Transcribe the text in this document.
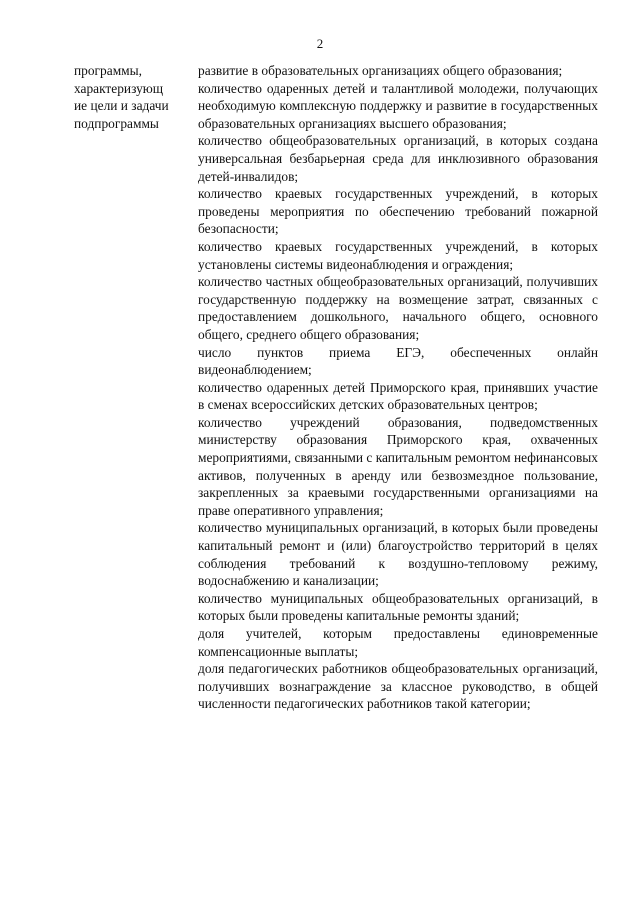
2
программы,
характеризующ
ие цели и задачи
подпрограммы

развитие в образовательных организациях общего образования;

количество одаренных детей и талантливой молодежи, получающих необходимую комплексную поддержку и развитие в государственных образовательных организациях высшего образования;

количество общеобразовательных организаций, в которых создана универсальная безбарьерная среда для инклюзивного образования детей-инвалидов;

количество краевых государственных учреждений, в которых проведены мероприятия по обеспечению требований пожарной безопасности;

количество краевых государственных учреждений, в которых установлены системы видеонаблюдения и ограждения;

количество частных общеобразовательных организаций, получивших государственную поддержку на возмещение затрат, связанных с предоставлением дошкольного, начального общего, основного общего, среднего общего образования;

число пунктов приема ЕГЭ, обеспеченных онлайн видеонаблюдением;

количество одаренных детей Приморского края, принявших участие в сменах всероссийских детских образовательных центров;

количество учреждений образования, подведомственных министерству образования Приморского края, охваченных мероприятиями, связанными с капитальным ремонтом нефинансовых активов, полученных в аренду или безвозмездное пользование, закрепленных за краевыми государственными организациями на праве оперативного управления;

количество муниципальных организаций, в которых были проведены капитальный ремонт и (или) благоустройство территорий в целях соблюдения требований к воздушно-тепловому режиму, водоснабжению и канализации;

количество муниципальных общеобразовательных организаций, в которых были проведены капитальные ремонты зданий;

доля учителей, которым предоставлены единовременные компенсационные выплаты;

доля педагогических работников общеобразовательных организаций, получивших вознаграждение за классное руководство, в общей численности педагогических работников такой категории;
